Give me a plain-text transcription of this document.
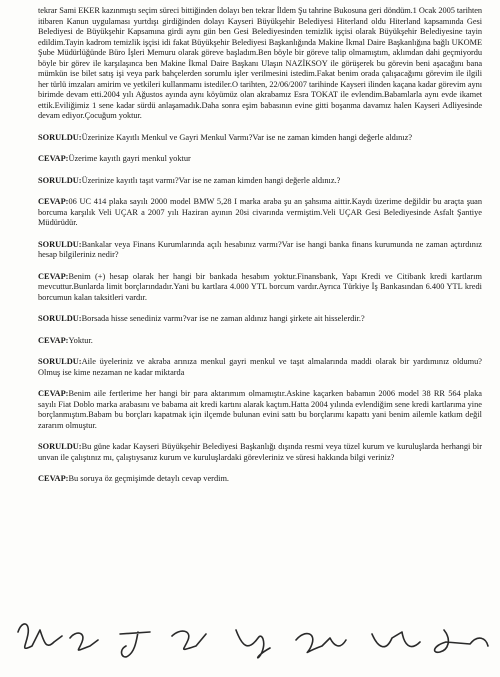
tekrar Sami EKER kazınmıştı seçim süreci bittiğinden dolayı ben tekrar İldem Şu tahrine Bukosuna geri döndüm.1 Ocak 2005 tarihten itibaren Kanun uygulaması yurtdışı girdiğinden dolayı Kayseri Büyükşehir Belediyesi Hiterland oldu Hiterland kapsamında Gesi Belediyesi de Büyükşehir Kapsamına girdi aynı gün ben Gesi Belediyesinden temizlik işçisi olarak Büyükşehir Belediyesine tayin edildim.Tayin kadrom temizlik işçisi idi fakat Büyükşehir Belediyesi Başkanlığında Makine İkmal Daire Başkanlığına bağlı UKOME Şube Müdürlüğünde Büro İşleri Memuru olarak göreve başladım.Ben böyle bir göreve talip olmamıştım, aklımdan dahi geçmiyordu böyle bir görev ile karşılaşınca ben Makine İkmal Daire Başkanı Ulaşın NAZİKSOY ile görüşerek bu görevin beni aşacağını bana mümkün ise bilet satış işi veya park bahçelerden sorumlu işler verilmesini istedim.Fakat benim orada çalışacağımı görevim ile ilgili her türlü imzaları amirim ve yetkileri kullanmamı istediler.O tarihten, 22/06/2007 tarihinde Kayseri ilinden kaçana kadar görevim aynı birimde devam etti.2004 yılı Ağustos ayında aynı köyümüz olan akrabamız Esra TOKAT ile evlendim.Babamlarla aynı evde ikamet ettik.Eviliğimiz 1 sene kadar sürdü anlaşamadık.Daha sonra eşim babasının evine gitti boşanma davamız halen Kayseri Adliyesinde devam ediyor.Çocuğum yoktur.

SORULDU:Üzerinize Kayıtlı Menkul ve Gayri Menkul Varmı?Var ise ne zaman kimden hangi değerle aldınız?
CEVAP:Üzerime kayıtlı gayri menkul yoktur
SORULDU:Üzerinize kayıtlı taşıt varmı?Var ise ne zaman kimden hangi değerle aldınız.?
CEVAP:06 UC 414 plaka sayılı 2000 model BMW 5,28 I marka araba şu an şahsıma aittir.Kaydı üzerime değildir bu araçta şuan borcuma karşılık Veli UÇAR a 2007 yılı Haziran ayının 20si civarında vermiştim.Veli UÇAR Gesi Belediyesinde Asfalt Şantiye Müdürüdür.
SORULDU:Bankalar veya Finans Kurumlarında açılı hesabınız varmı?Var ise hangi banka finans kurumunda ne zaman açtırdınız hesap bilgileriniz nedir?
CEVAP:Benim (+) hesap olarak her hangi bir bankada hesabım yoktur.Finansbank, Yapı Kredi ve Citibank kredi kartlarım mevcuttur.Bunlarda limit borçlarındadır.Yani bu kartlara 4.000 YTL borcum vardır.Ayrıca Türkiye İş Bankasından 6.400 YTL kredi borcumun kalan taksitleri vardır.
SORULDU:Borsada hisse senediniz varmı?var ise ne zaman aldınız hangi şirkete ait hisselerdir.?
CEVAP:Yoktur.
SORULDU:Aile üyeleriniz ve akraba arınıza menkul gayri menkul ve taşıt almalarında maddi olarak bir yardımınız oldumu? Olmuş ise kime nezaman ne kadar miktarda
CEVAP:Benim aile fertlerime her hangi bir para aktarımım olmamıştır.Askine kaçarken babamın 2006 model 38 RR 564 plaka sayılı Fiat Doblo marka arabasını ve babama ait kredi kartını alarak kaçtım.Hatta 2004 yılında evlendiğim sene kredi kartlarıma yine borçlanmıştım.Babam bu borçları kapatmak için ilçemde bulunan evini sattı bu borçlarımı kapattı yani benim ailemle katkım değil zararım olmuştur.
SORULDU:Bu güne kadar Kayseri Büyükşehir Belediyesi Başkanlığı dışında resmi veya tüzel kurum ve kuruluşlarda herhangi bir unvan ile çalıştınız mı, çalıştıysanız kurum ve kuruluşlardaki görevleriniz ve süresi hakkında bilgi veriniz?
CEVAP:Bu soruya öz geçmişimde detaylı cevap verdim.
